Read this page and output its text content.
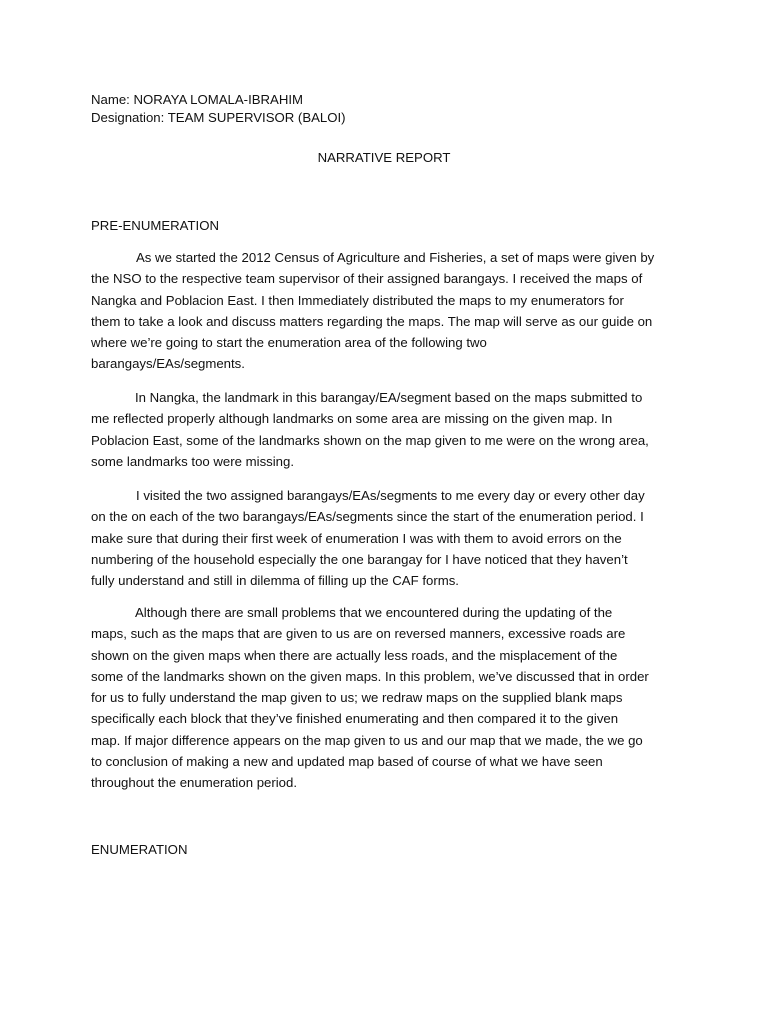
Name: NORAYA LOMALA-IBRAHIM
Designation: TEAM SUPERVISOR (BALOI)
NARRATIVE REPORT
PRE-ENUMERATION
As we started the 2012 Census of Agriculture and Fisheries, a set of maps were given by
the NSO to the respective team supervisor of their assigned barangays. I received the maps of
Nangka and Poblacion East. I then Immediately distributed the maps to my enumerators for
them to take a look and discuss matters regarding the maps. The map will serve as our guide on
where we’re going to start the enumeration area of the following two
barangays/EAs/segments.
In Nangka, the landmark in this barangay/EA/segment based on the maps submitted to
me reflected properly although landmarks on some area are missing on the given map. In
Poblacion East, some of the landmarks shown on the map given to me were on the wrong area,
some landmarks too were missing.
I visited the two assigned barangays/EAs/segments to me every day or every other day
on the on each of the two barangays/EAs/segments since the start of the enumeration period. I
make sure that during their first week of enumeration I was with them to avoid errors on the
numbering of the household especially the one barangay for I have noticed that they haven’t
fully understand and still in dilemma of filling up the CAF forms.
Although there are small problems that we encountered during the updating of the
maps, such as the maps that are given to us are on reversed manners, excessive roads are
shown on the given maps when there are actually less roads, and the misplacement of the
some of the landmarks shown on the given maps. In this problem, we’ve discussed that in order
for us to fully understand the map given to us; we redraw maps on the supplied blank maps
specifically each block that they’ve finished enumerating and then compared it to the given
map. If major difference appears on the map given to us and our map that we made, the we go
to conclusion of making a new and updated map based of course of what we have seen
throughout the enumeration period.
ENUMERATION
